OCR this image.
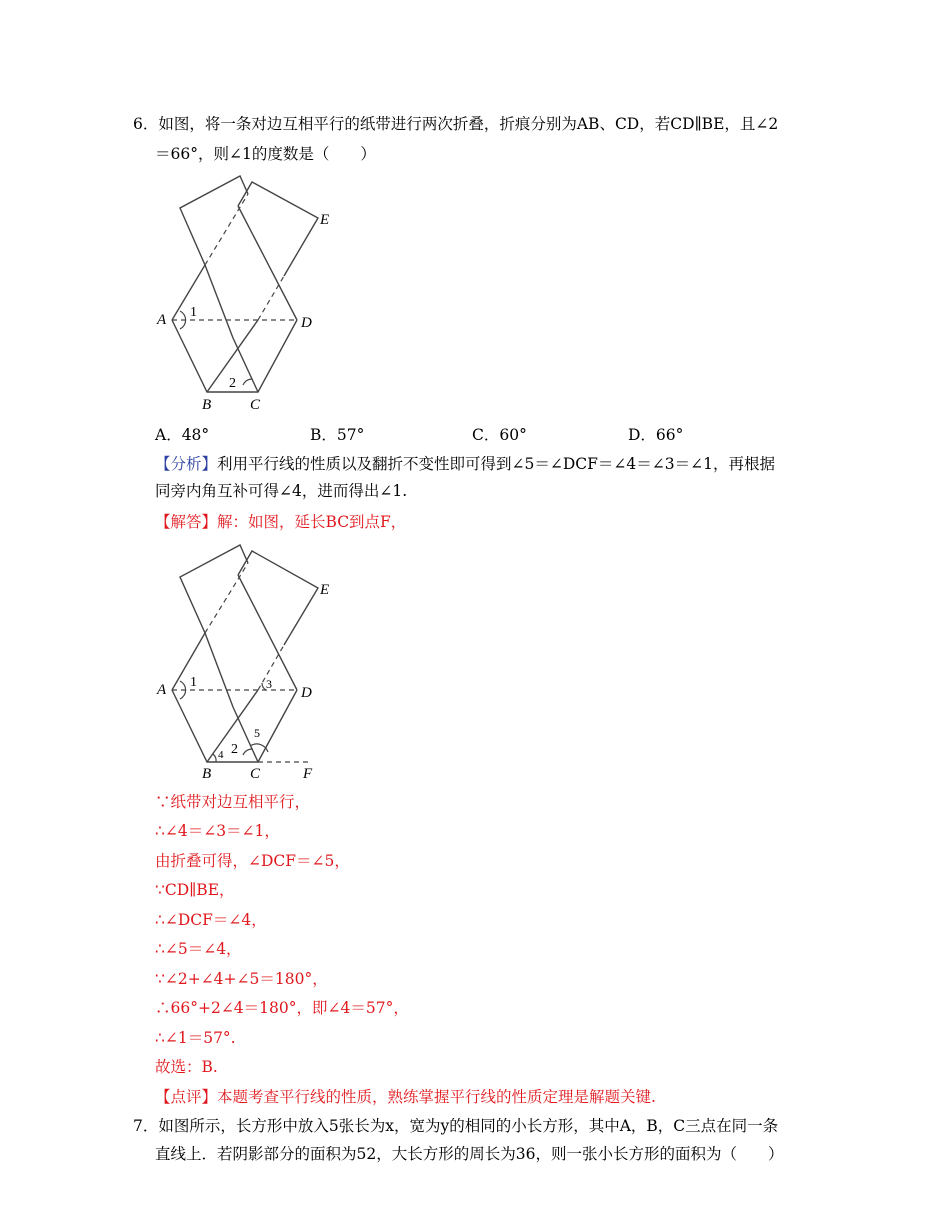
6．如图，将一条对边互相平行的纸带进行两次折叠，折痕分别为AB、CD，若CD∥BE，且∠2
＝66°，则∠1的度数是（　　）
A 1
D
E
2
B	C
A．48°	B．57°	C．60°	D．66°
【分析】利用平行线的性质以及翻折不变性即可得到∠5＝∠DCF＝∠4＝∠3＝∠1，再根据
同旁内角互补可得∠4，进而得出∠1.
【解答】解：如图，延长BC到点F，
A 1	3
D
E
5
2
4
B	C	F
∵纸带对边互相平行，
∴∠4＝∠3＝∠1，
由折叠可得，∠DCF＝∠5，
∵CD∥BE，
∴∠DCF＝∠4，
∴∠5＝∠4，
∵∠2+∠4+∠5＝180°，
∴66°+2∠4＝180°，即∠4＝57°，
∴∠1＝57°.
故选：B.
【点评】本题考查平行线的性质，熟练掌握平行线的性质定理是解题关键.
7．如图所示，长方形中放入5张长为x，宽为y的相同的小长方形，其中A，B，C三点在同一条
直线上．若阴影部分的面积为52，大长方形的周长为36，则一张小长方形的面积为（　　）
